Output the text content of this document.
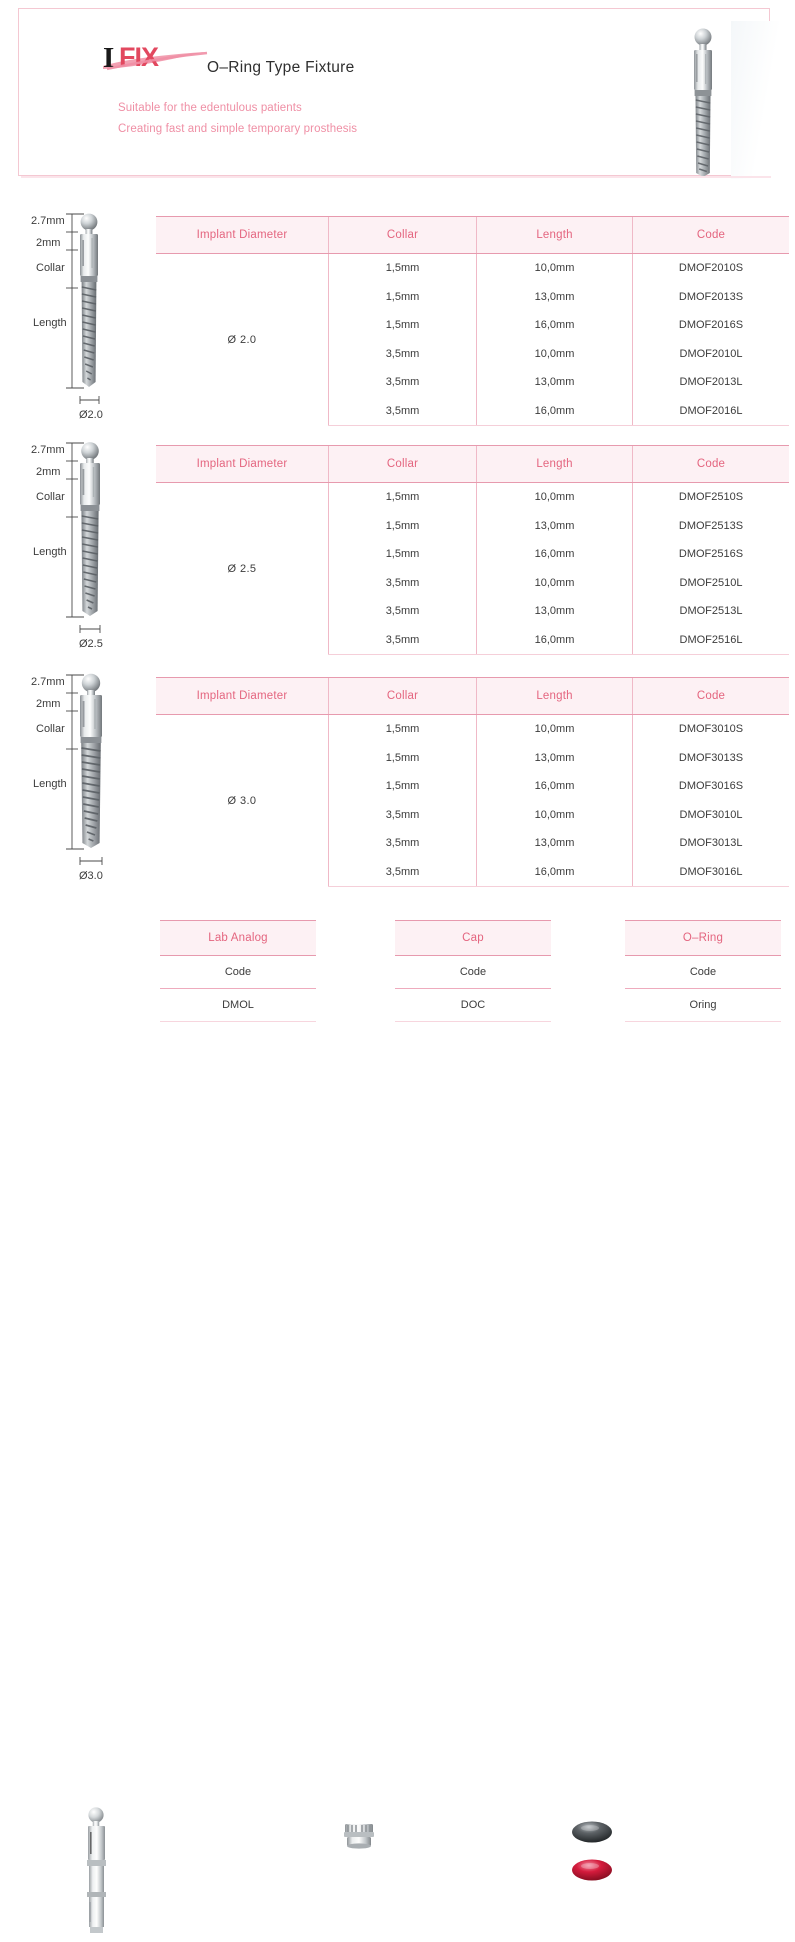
I FIX	O–Ring Type Fixture
Suitable for the edentulous patients
Creating fast and simple temporary prosthesis
2.7mm
2mm
Collar
Length
Ø2.0
Implant Diameter	Collar	Length	Code
Ø 2.0	1,5mm	10,0mm	DMOF2010S
	1,5mm	13,0mm	DMOF2013S
	1,5mm	16,0mm	DMOF2016S
	3,5mm	10,0mm	DMOF2010L
	3,5mm	13,0mm	DMOF2013L
	3,5mm	16,0mm	DMOF2016L
2.7mm
2mm
Collar
Length
Ø2.5
Implant Diameter	Collar	Length	Code
Ø 2.5	1,5mm	10,0mm	DMOF2510S
	1,5mm	13,0mm	DMOF2513S
	1,5mm	16,0mm	DMOF2516S
	3,5mm	10,0mm	DMOF2510L
	3,5mm	13,0mm	DMOF2513L
	3,5mm	16,0mm	DMOF2516L
2.7mm
2mm
Collar
Length
Ø3.0
Implant Diameter	Collar	Length	Code
Ø 3.0	1,5mm	10,0mm	DMOF3010S
	1,5mm	13,0mm	DMOF3013S
	1,5mm	16,0mm	DMOF3016S
	3,5mm	10,0mm	DMOF3010L
	3,5mm	13,0mm	DMOF3013L
	3,5mm	16,0mm	DMOF3016L
Lab Analog
Code
DMOL
Cap
Code
DOC
O–Ring
Code
Oring
